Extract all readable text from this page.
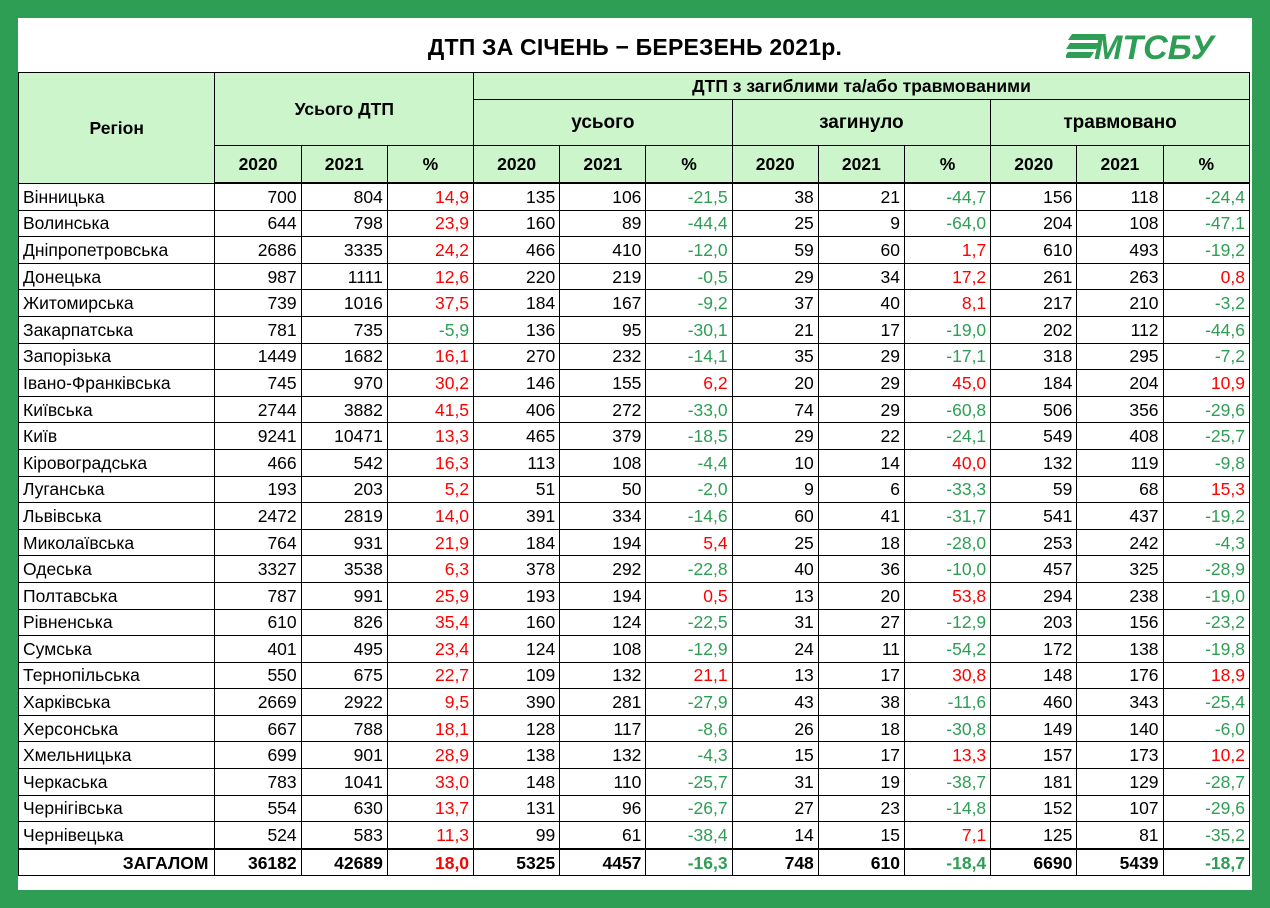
ДТП ЗА СІЧЕНЬ − БЕРЕЗЕНЬ 2021р.	МТСБУ
Регіон	Усього ДТП			ДТП з загиблими та/або травмованими								
				усього			загинуло			травмовано		
	2020	2021	%	2020	2021	%	2020	2021	%	2020	2021	%
Вінницька	700	804	14,9	135	106	-21,5	38	21	-44,7	156	118	-24,4
Волинська	644	798	23,9	160	89	-44,4	25	9	-64,0	204	108	-47,1
Дніпропетровська	2686	3335	24,2	466	410	-12,0	59	60	1,7	610	493	-19,2
Донецька	987	1111	12,6	220	219	-0,5	29	34	17,2	261	263	0,8
Житомирська	739	1016	37,5	184	167	-9,2	37	40	8,1	217	210	-3,2
Закарпатська	781	735	-5,9	136	95	-30,1	21	17	-19,0	202	112	-44,6
Запорізька	1449	1682	16,1	270	232	-14,1	35	29	-17,1	318	295	-7,2
Івано-Франківська	745	970	30,2	146	155	6,2	20	29	45,0	184	204	10,9
Київська	2744	3882	41,5	406	272	-33,0	74	29	-60,8	506	356	-29,6
Київ	9241	10471	13,3	465	379	-18,5	29	22	-24,1	549	408	-25,7
Кіровоградська	466	542	16,3	113	108	-4,4	10	14	40,0	132	119	-9,8
Луганська	193	203	5,2	51	50	-2,0	9	6	-33,3	59	68	15,3
Львівська	2472	2819	14,0	391	334	-14,6	60	41	-31,7	541	437	-19,2
Миколаївська	764	931	21,9	184	194	5,4	25	18	-28,0	253	242	-4,3
Одеська	3327	3538	6,3	378	292	-22,8	40	36	-10,0	457	325	-28,9
Полтавська	787	991	25,9	193	194	0,5	13	20	53,8	294	238	-19,0
Рівненська	610	826	35,4	160	124	-22,5	31	27	-12,9	203	156	-23,2
Сумська	401	495	23,4	124	108	-12,9	24	11	-54,2	172	138	-19,8
Тернопільська	550	675	22,7	109	132	21,1	13	17	30,8	148	176	18,9
Харківська	2669	2922	9,5	390	281	-27,9	43	38	-11,6	460	343	-25,4
Херсонська	667	788	18,1	128	117	-8,6	26	18	-30,8	149	140	-6,0
Хмельницька	699	901	28,9	138	132	-4,3	15	17	13,3	157	173	10,2
Черкаська	783	1041	33,0	148	110	-25,7	31	19	-38,7	181	129	-28,7
Чернігівська	554	630	13,7	131	96	-26,7	27	23	-14,8	152	107	-29,6
Чернівецька	524	583	11,3	99	61	-38,4	14	15	7,1	125	81	-35,2
ЗАГАЛОМ	36182	42689	18,0	5325	4457	-16,3	748	610	-18,4	6690	5439	-18,7
